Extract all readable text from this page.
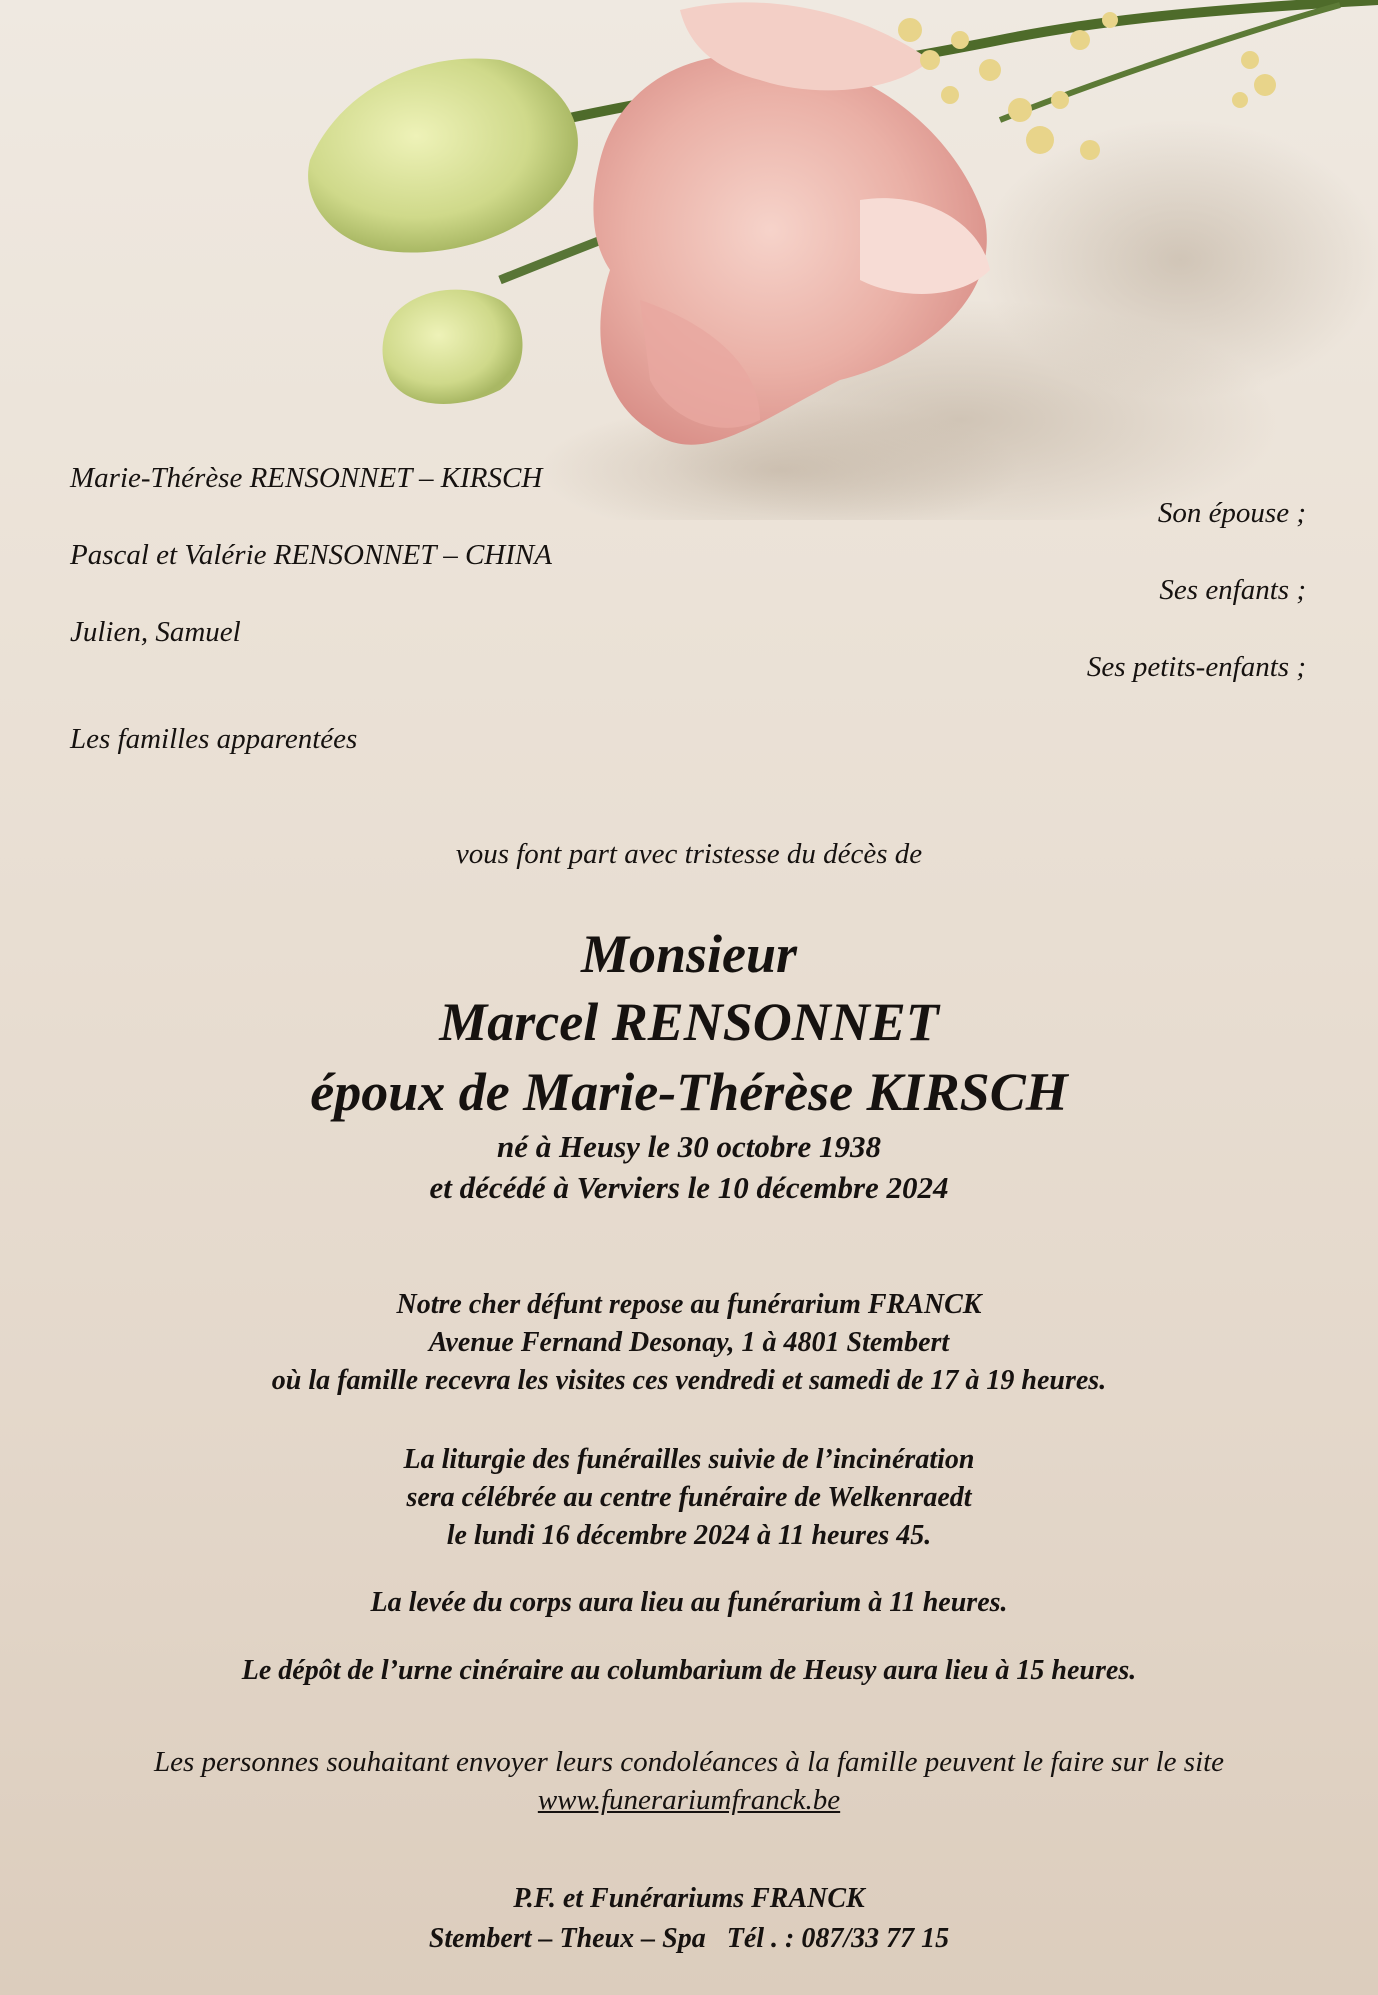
Marie-Thérèse RENSONNET – KIRSCH
Son épouse ;
Pascal et Valérie RENSONNET – CHINA
Ses enfants ;
Julien, Samuel
Ses petits-enfants ;
Les familles apparentées
vous font part avec tristesse du décès de
Monsieur
Marcel RENSONNET
époux de Marie-Thérèse KIRSCH
né à Heusy le 30 octobre 1938
et décédé à Verviers le 10 décembre 2024
Notre cher défunt repose au funérarium FRANCK
Avenue Fernand Desonay, 1 à 4801 Stembert
où la famille recevra les visites ces vendredi et samedi de 17 à 19 heures.
La liturgie des funérailles suivie de l’incinération
sera célébrée au centre funéraire de Welkenraedt
le lundi 16 décembre 2024 à 11 heures 45.
La levée du corps aura lieu au funérarium à 11 heures.
Le dépôt de l’urne cinéraire au columbarium de Heusy aura lieu à 15 heures.
Les personnes souhaitant envoyer leurs condoléances à la famille peuvent le faire sur le site
www.funerariumfranck.be
P.F. et Funérariums FRANCK
Stembert – Theux – Spa   Tél . : 087/33 77 15
